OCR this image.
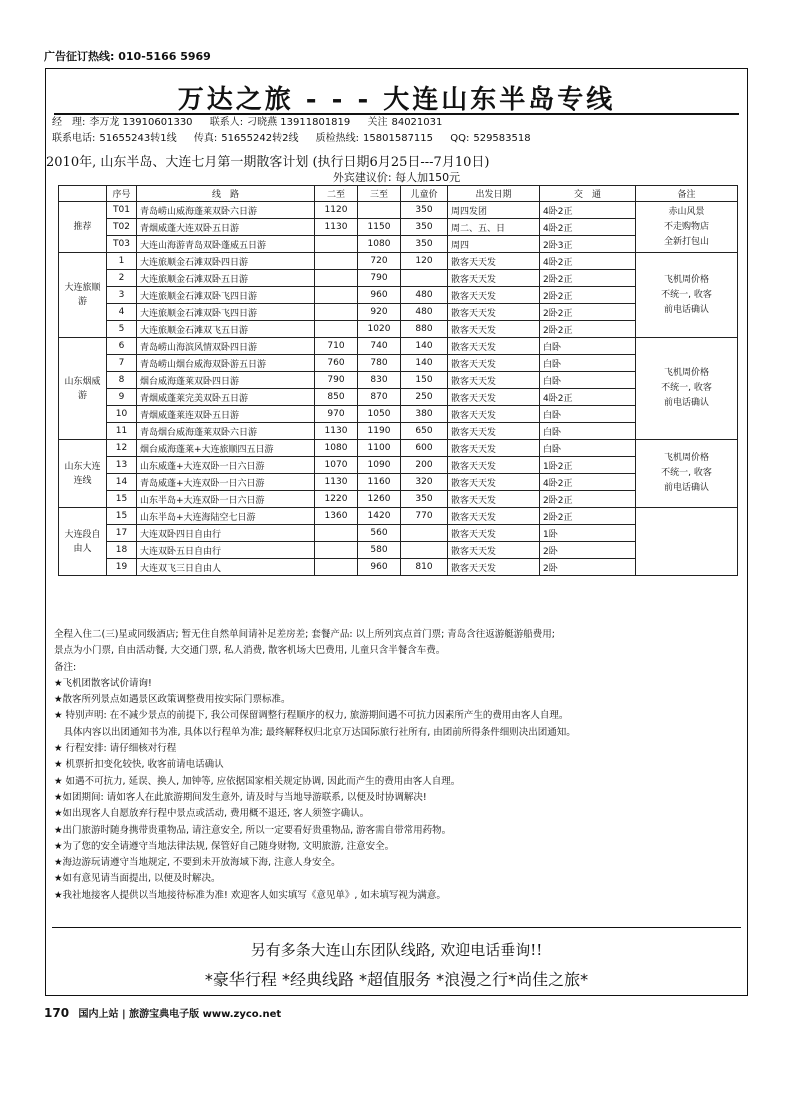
广告征订热线: 010-5166 5969
万达之旅 - - - 大连山东半岛专线
经　理: 李万龙 13910601330 联系人: 刁晓燕 13911801819 关注 84021031
联系电话: 51655243转1线 传真: 51655242转2线 质检热线: 15801587115 QQ: 529583518
2010年, 山东半岛、大连七月第一期散客计划 (执行日期6月25日---7月10日)
外宾建议价: 每人加150元
	序号	线　路	二至	三至	儿童价	出发日期	交　通	备注
推荐	T01	青岛崂山威海蓬莱双卧六日游	1120		350	周四发团	4卧2正	赤山风景
不走购物店
全新打包山

	T02	青烟威蓬大连双卧五日游	1130	1150	350	周二、五、日	4卧2正	
	T03	大连山海游青岛双卧蓬威五日游		1080	350	周四	2卧3正	
大连旅顺游	1	大连旅顺金石滩双卧四日游		720	120	散客天天发	4卧2正	飞机周价格
不统一, 收客
前电话确认

	2	大连旅顺金石滩双卧五日游		790		散客天天发	2卧2正	
	3	大连旅顺金石滩双卧飞四日游		960	480	散客天天发	2卧2正	
	4	大连旅顺金石滩双卧飞四日游		920	480	散客天天发	2卧2正	
	5	大连旅顺金石滩双飞五日游		1020	880	散客天天发	2卧2正	
山东烟威游	6	青岛崂山海滨风情双卧四日游	710	740	140	散客天天发	白卧	飞机周价格
不统一, 收客
前电话确认

	7	青岛崂山烟台威海双卧游五日游	760	780	140	散客天天发	白卧	
	8	烟台威海蓬莱双卧四日游	790	830	150	散客天天发	白卧	
	9	青烟威蓬莱完美双卧五日游	850	870	250	散客天天发	4卧2正	
	10	青烟威蓬莱连双卧五日游	970	1050	380	散客天天发	白卧	
	11	青岛烟台威海蓬莱双卧六日游	1130	1190	650	散客天天发	白卧	
山东大连连线	12	烟台威海蓬莱+大连旅顺四五日游	1080	1100	600	散客天天发	白卧	飞机周价格
不统一, 收客
前电话确认

	13	山东威蓬+大连双卧一日六日游	1070	1090	200	散客天天发	1卧2正	
	14	青岛威蓬+大连双卧一日六日游	1130	1160	320	散客天天发	4卧2正	
	15	山东半岛+大连双卧一日六日游	1220	1260	350	散客天天发	2卧2正	
大连段自由人	15	山东半岛+大连海陆空七日游	1360	1420	770	散客天天发	2卧2正	

	17	大连双卧四日自由行		560		散客天天发	1卧	
	18	大连双卧五日自由行		580		散客天天发	2卧	
	19	大连双飞三日自由人		960	810	散客天天发	2卧	
全程入住二(三)星或同级酒店; 暂无住自然单间请补足差房差; 套餐产品: 以上所列宾点首门票; 青岛含往返游艇游船费用;
景点为小门票, 自由活动餐, 大交通门票, 私人消费, 散客机场大巴费用, 儿童只含半餐含车费。
备注:
★飞机团散客试价请询!
★散客所列景点如遇景区政策调整费用按实际门票标准。
★ 特别声明: 在不减少景点的前提下, 我公司保留调整行程顺序的权力, 旅游期间遇不可抗力因素所产生的费用由客人自理。
　具体内容以出团通知书为准, 具体以行程单为准; 最终解释权归北京万达国际旅行社所有, 由团前所得条件细则决出团通知。
★ 行程安排: 请仔细核对行程
★ 机票折扣变化较快, 收客前请电话确认
★ 如遇不可抗力, 延误、换人, 加钟等, 应依据国家相关规定协调, 因此而产生的费用由客人自理。
★如团期间: 请如客人在此旅游期间发生意外, 请及时与当地导游联系, 以便及时协调解决!
★如出现客人自愿放弃行程中景点或活动, 费用概不退还, 客人须签字确认。
★出门旅游时随身携带贵重物品, 请注意安全, 所以一定要看好贵重物品, 游客需自带常用药物。
★为了您的安全请遵守当地法律法规, 保管好自己随身财物, 文明旅游, 注意安全。
★海边游玩请遵守当地规定, 不要到未开放海域下海, 注意人身安全。
★如有意见请当面提出, 以便及时解决。
★我社地接客人提供以当地接待标准为准! 欢迎客人如实填写《意见单》, 如未填写视为满意。
另有多条大连山东团队线路, 欢迎电话垂询!!
*豪华行程 *经典线路 *超值服务 *浪漫之行*尚佳之旅*
170 国内上站 | 旅游宝典电子版 www.zyco.net
